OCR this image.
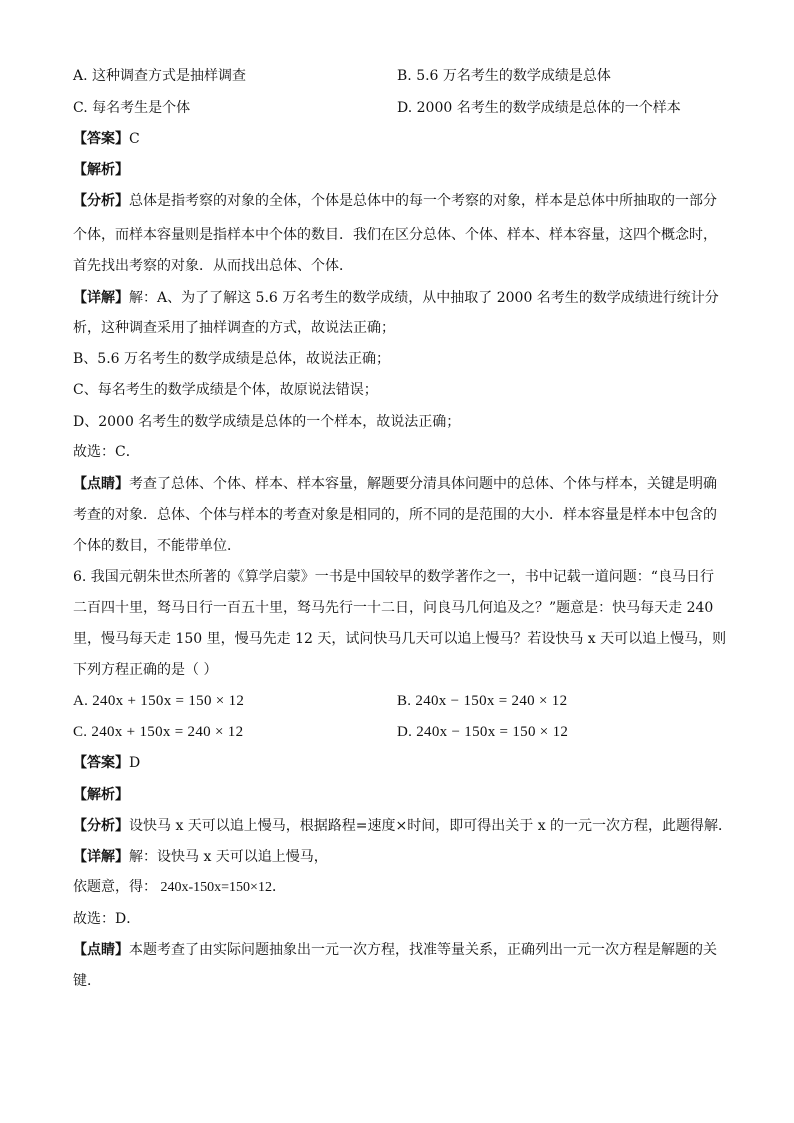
A. 这种调查方式是抽样调查	B. 5.6 万名考生的数学成绩是总体
C. 每名考生是个体	D. 2000 名考生的数学成绩是总体的一个样本
【答案】C
【解析】
【分析】总体是指考察的对象的全体，个体是总体中的每一个考察的对象，样本是总体中所抽取的一部分
个体，而样本容量则是指样本中个体的数目．我们在区分总体、个体、样本、样本容量，这四个概念时，
首先找出考察的对象．从而找出总体、个体．
【详解】解：A、为了了解这 5.6 万名考生的数学成绩，从中抽取了 2000 名考生的数学成绩进行统计分
析，这种调查采用了抽样调查的方式，故说法正确；
B、5.6 万名考生的数学成绩是总体，故说法正确；
C、每名考生的数学成绩是个体，故原说法错误；
D、2000 名考生的数学成绩是总体的一个样本，故说法正确；
故选：C．
【点睛】考查了总体、个体、样本、样本容量，解题要分清具体问题中的总体、个体与样本，关键是明确
考查的对象．总体、个体与样本的考查对象是相同的，所不同的是范围的大小．样本容量是样本中包含的
个体的数目，不能带单位．
6. 我国元朝朱世杰所著的《算学启蒙》一书是中国较早的数学著作之一，书中记载一道问题：“良马日行
二百四十里，驽马日行一百五十里，驽马先行一十二日，问良马几何追及之？”题意是：快马每天走 240
里，慢马每天走 150 里，慢马先走 12 天，试问快马几天可以追上慢马？若设快马 x 天可以追上慢马，则
下列方程正确的是（ ）
A. 240x + 150x = 150 × 12	B. 240x − 150x = 240 × 12
C. 240x + 150x = 240 × 12	D. 240x − 150x = 150 × 12
【答案】D
【解析】
【分析】设快马 x 天可以追上慢马，根据路程=速度×时间，即可得出关于 x 的一元一次方程，此题得解．
【详解】解：设快马 x 天可以追上慢马，
依题意，得： 240x-150x=150×12．
故选：D．
【点睛】本题考查了由实际问题抽象出一元一次方程，找准等量关系，正确列出一元一次方程是解题的关
键．
